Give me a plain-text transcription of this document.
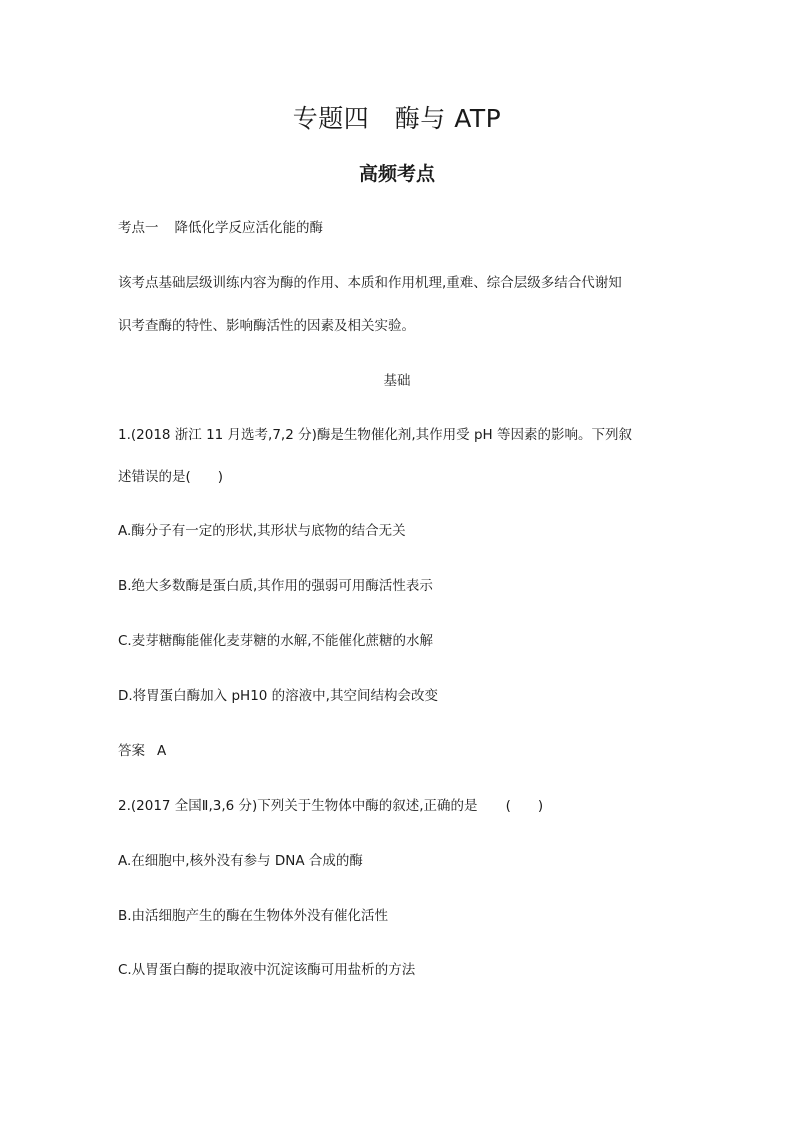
专题四　酶与 ATP
高频考点
考点一 降低化学反应活化能的酶
该考点基础层级训练内容为酶的作用、本质和作用机理,重难、综合层级多结合代谢知
识考查酶的特性、影响酶活性的因素及相关实验。
基础
1.(2018 浙江 11 月选考,7,2 分)酶是生物催化剂,其作用受 pH 等因素的影响。下列叙
述错误的是(　　)
A.酶分子有一定的形状,其形状与底物的结合无关
B.绝大多数酶是蛋白质,其作用的强弱可用酶活性表示
C.麦芽糖酶能催化麦芽糖的水解,不能催化蔗糖的水解
D.将胃蛋白酶加入 pH10 的溶液中,其空间结构会改变
答案 A
2.(2017 全国Ⅱ,3,6 分)下列关于生物体中酶的叙述,正确的是 (　　)
A.在细胞中,核外没有参与 DNA 合成的酶
B.由活细胞产生的酶在生物体外没有催化活性
C.从胃蛋白酶的提取液中沉淀该酶可用盐析的方法
